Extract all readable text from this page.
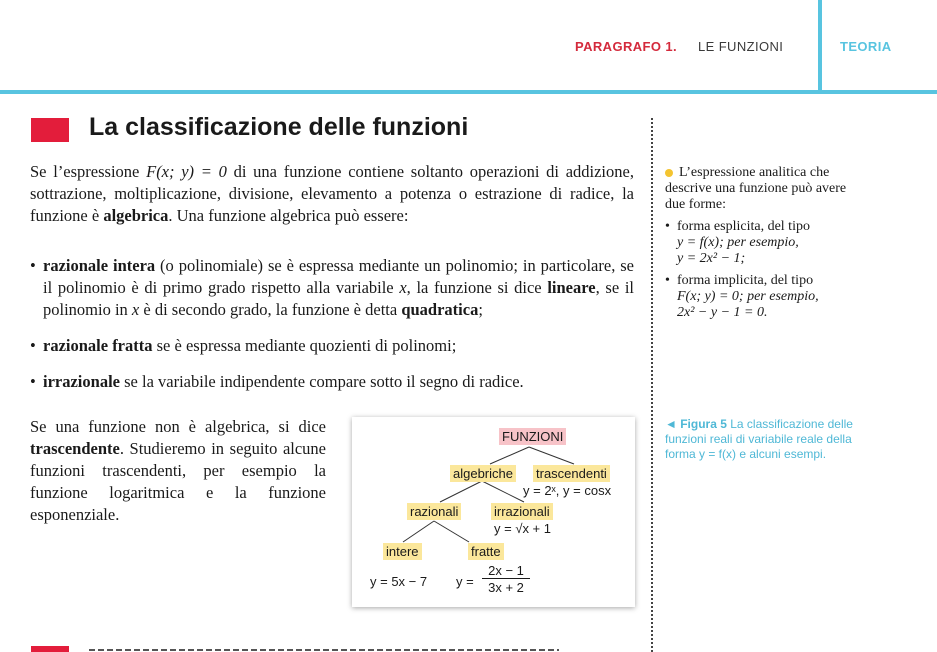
PARAGRAFO 1. LE FUNZIONI	TEORIA
La classificazione delle funzioni
Se l’espressione F(x; y) = 0 di una funzione contiene soltanto operazioni di addizione, sottrazione, moltiplicazione, divisione, elevamento a potenza o estrazione di radice, la funzione è algebrica. Una funzione algebrica può essere:
• razionale intera (o polinomiale) se è espressa mediante un polinomio; in particolare, se il polinomio è di primo grado rispetto alla variabile x, la funzione si dice lineare, se il polinomio in x è di secondo grado, la funzione è detta quadratica;
• razionale fratta se è espressa mediante quozienti di polinomi;
• irrazionale se la variabile indipendente compare sotto il segno di radice.
Se una funzione non è algebrica, si dice trascendente. Studieremo in seguito alcune funzioni trascendenti, per esempio la funzione logaritmica e la funzione esponenziale.
FUNZIONI
algebriche trascendenti
y = 2ˣ, y = cosx
razionali	irrazionali
y = √x + 1
intere	fratte
y = 5x − 7 y =
2x − 1
3x + 2
L’espressione analitica che descrive una funzione può avere due forme:
• forma esplicita, del tipo
y = f(x); per esempio,
y = 2x² − 1;
• forma implicita, del tipo
F(x; y) = 0; per esempio,
2x² − y − 1 = 0.
◄ Figura 5 La classificazione delle funzioni reali di variabile reale della forma y = f(x) e alcuni esempi.
